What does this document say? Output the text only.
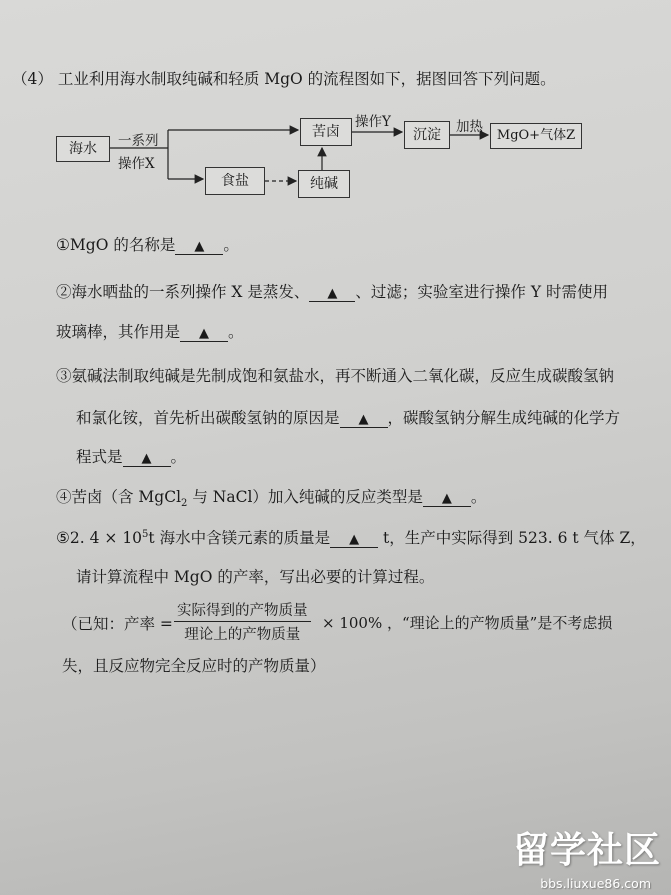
（4） 工业利用海水制取纯碱和轻质 MgO 的流程图如下，据图回答下列问题。
海水	一系列
操作X
苦卤
食盐	纯碱
操作Y
沉淀	加热
MgO+气体Z
①MgO 的名称是 ▲ 。
②海水晒盐的一系列操作 X 是蒸发、 ▲ 、过滤；实验室进行操作 Y 时需使用
玻璃棒，其作用是 ▲ 。
③氨碱法制取纯碱是先制成饱和氨盐水，再不断通入二氧化碳，反应生成碳酸氢钠
和氯化铵，首先析出碳酸氢钠的原因是 ▲ ，碳酸氢钠分解生成纯碱的化学方
程式是 ▲ 。
④苦卤（含 MgCl$_2$ 与 NaCl）加入纯碱的反应类型是 ▲ 。
⑤2. $4 \times 10^5t$ 海水中含镁元素的质量是 ▲ t，生产中实际得到 523. 6 t 气体 Z，
请计算流程中 MgO 的产率，写出必要的计算过程。
（已知：产率 =
实际得到的产物质量
理论上的产物质量
× 100% ，“理论上的产物质量”是不考虑损
失，且反应物完全反应时的产物质量）
留学社区
bbs.liuxue86.com
